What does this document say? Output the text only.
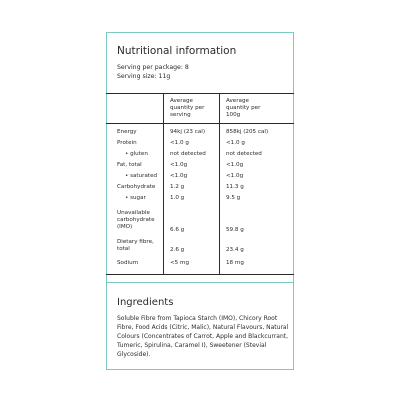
Nutritional information
Serving per package: 8
Serving size: 11g
Average quantity per serving
Average quantity per 100g
Energy	94kj (23 cal)	858kj (205 cal)
Protein	<1.0 g	<1.0 g
• gluten	not detected	not detected
Fat, total	<1.0g	<1.0g
• saturated <1.0g	<1.0g
Carbohydrate	1.2 g	11.3 g
• sugar	1.0 g	9.5 g
Unavailable carbohydrate (IMO)	6.6 g	59.8 g
Dietary fibre, total	2.6 g	23.4 g
Sodium	<5 mg	18 mg
Ingredients
Soluble Fibre from Tapioca Starch (IMO), Chicory Root Fibre, Food Acids (Citric, Malic), Natural Flavours, Natural Colours (Concentrates of Carrot, Apple and Blackcurrant, Tumeric, Spirulina, Caramel I), Sweetener (Stevial Glycoside).
